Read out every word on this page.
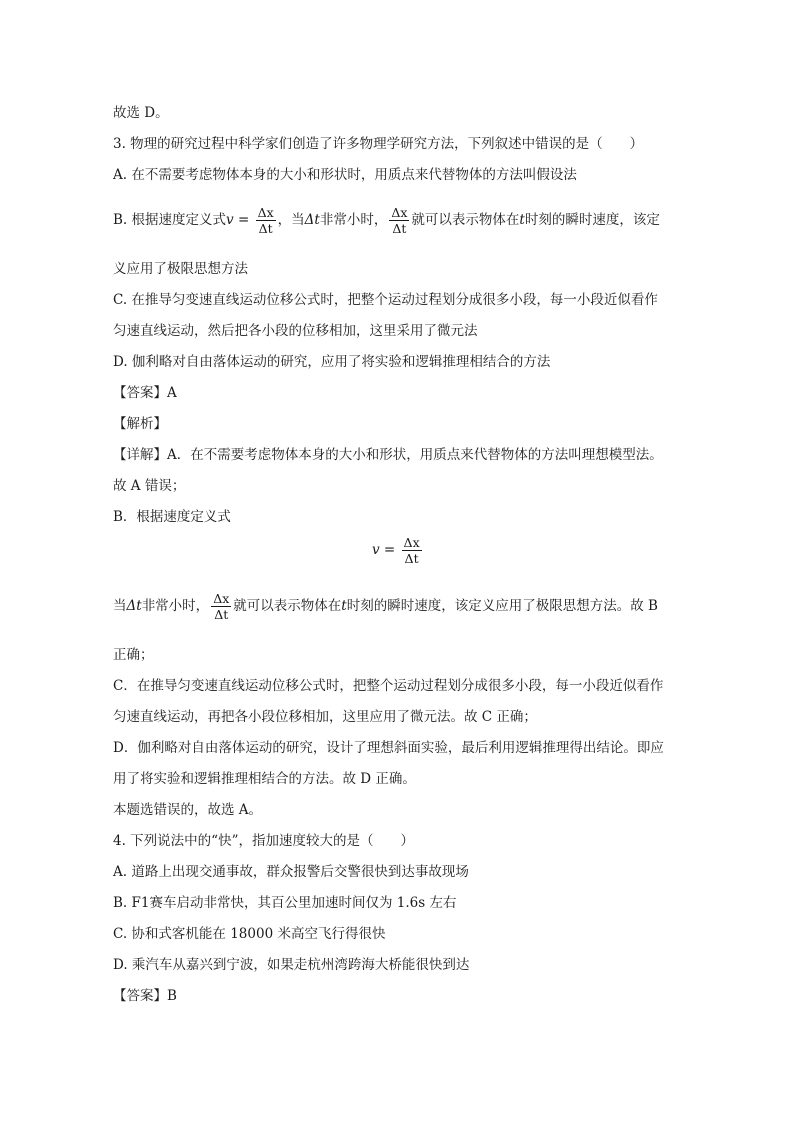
故选 D。
3. 物理的研究过程中科学家们创造了许多物理学研究方法，下列叙述中错误的是（　　）
A. 在不需要考虑物体本身的大小和形状时，用质点来代替物体的方法叫假设法
B. 根据速度定义式$v = \frac{\Delta x}{\Delta t}$ ，当Δt非常小时， $\frac{\Delta x}{\Delta t}$ 就可以表示物体在t时刻的瞬时速度，该定
义应用了极限思想方法
C. 在推导匀变速直线运动位移公式时，把整个运动过程划分成很多小段，每一小段近似看作
匀速直线运动，然后把各小段的位移相加，这里采用了微元法
D. 伽利略对自由落体运动的研究，应用了将实验和逻辑推理相结合的方法
【答案】A
【解析】
【详解】A．在不需要考虑物体本身的大小和形状，用质点来代替物体的方法叫理想模型法。
故 A 错误；
B．根据速度定义式
$v = \frac{\Delta x}{\Delta t}$
当Δt非常小时， $\frac{\Delta x}{\Delta t}$ 就可以表示物体在t时刻的瞬时速度，该定义应用了极限思想方法。故 B
正确；
C．在推导匀变速直线运动位移公式时，把整个运动过程划分成很多小段，每一小段近似看作
匀速直线运动，再把各小段位移相加，这里应用了微元法。故 C 正确；
D．伽利略对自由落体运动的研究，设计了理想斜面实验，最后利用逻辑推理得出结论。即应
用了将实验和逻辑推理相结合的方法。故 D 正确。
本题选错误的，故选 A。
4. 下列说法中的“快”，指加速度较大的是（　　）
A. 道路上出现交通事故，群众报警后交警很快到达事故现场
B. F1赛车启动非常快，其百公里加速时间仅为 1.6s 左右
C. 协和式客机能在 18000 米高空飞行得很快
D. 乘汽车从嘉兴到宁波，如果走杭州湾跨海大桥能很快到达
【答案】B
